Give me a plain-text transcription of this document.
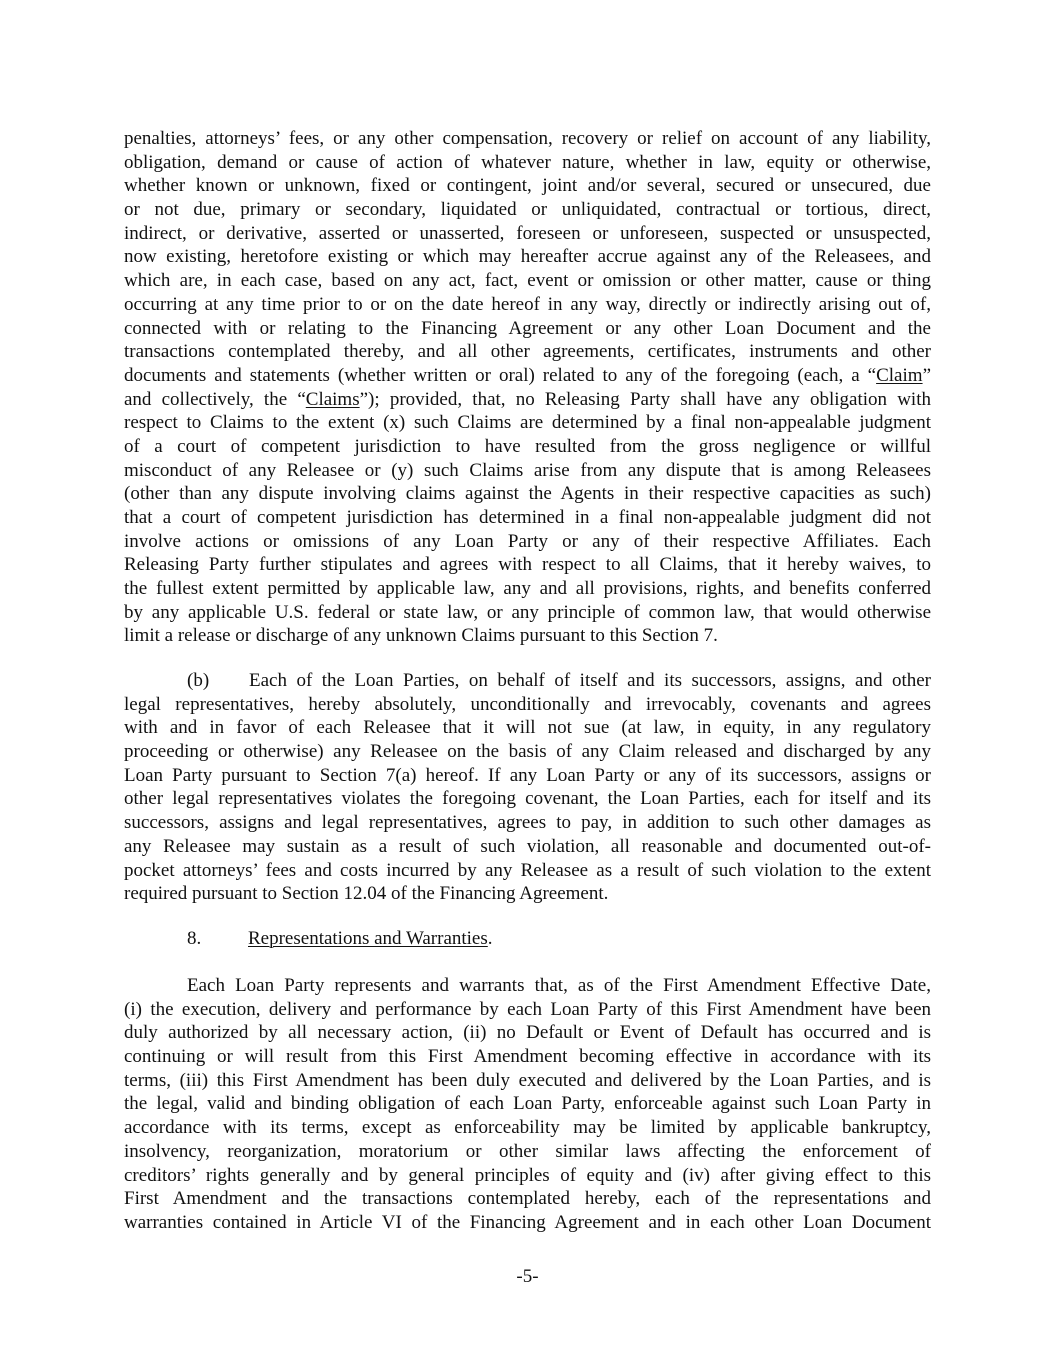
penalties, attorneys’ fees, or any other compensation, recovery or relief on account of any liability,
obligation, demand or cause of action of whatever nature, whether in law, equity or otherwise,
whether known or unknown, fixed or contingent, joint and/or several, secured or unsecured, due
or not due, primary or secondary, liquidated or unliquidated, contractual or tortious, direct,
indirect, or derivative, asserted or unasserted, foreseen or unforeseen, suspected or unsuspected,
now existing, heretofore existing or which may hereafter accrue against any of the Releasees, and
which are, in each case, based on any act, fact, event or omission or other matter, cause or thing
occurring at any time prior to or on the date hereof in any way, directly or indirectly arising out of,
connected with or relating to the Financing Agreement or any other Loan Document and the
transactions contemplated thereby, and all other agreements, certificates, instruments and other
documents and statements (whether written or oral) related to any of the foregoing (each, a “Claim”
and collectively, the “Claims”); provided, that, no Releasing Party shall have any obligation with
respect to Claims to the extent (x) such Claims are determined by a final non-appealable judgment
of a court of competent jurisdiction to have resulted from the gross negligence or willful
misconduct of any Releasee or (y) such Claims arise from any dispute that is among Releasees
(other than any dispute involving claims against the Agents in their respective capacities as such)
that a court of competent jurisdiction has determined in a final non-appealable judgment did not
involve actions or omissions of any Loan Party or any of their respective Affiliates. Each
Releasing Party further stipulates and agrees with respect to all Claims, that it hereby waives, to
the fullest extent permitted by applicable law, any and all provisions, rights, and benefits conferred
by any applicable U.S. federal or state law, or any principle of common law, that would otherwise
limit a release or discharge of any unknown Claims pursuant to this Section 7.
(b) Each of the Loan Parties, on behalf of itself and its successors, assigns, and other
legal representatives, hereby absolutely, unconditionally and irrevocably, covenants and agrees
with and in favor of each Releasee that it will not sue (at law, in equity, in any regulatory
proceeding or otherwise) any Releasee on the basis of any Claim released and discharged by any
Loan Party pursuant to Section 7(a) hereof. If any Loan Party or any of its successors, assigns or
other legal representatives violates the foregoing covenant, the Loan Parties, each for itself and its
successors, assigns and legal representatives, agrees to pay, in addition to such other damages as
any Releasee may sustain as a result of such violation, all reasonable and documented out-of-
pocket attorneys’ fees and costs incurred by any Releasee as a result of such violation to the extent
required pursuant to Section 12.04 of the Financing Agreement.
8. Representations and Warranties.
Each Loan Party represents and warrants that, as of the First Amendment Effective Date,
(i) the execution, delivery and performance by each Loan Party of this First Amendment have been
duly authorized by all necessary action, (ii) no Default or Event of Default has occurred and is
continuing or will result from this First Amendment becoming effective in accordance with its
terms, (iii) this First Amendment has been duly executed and delivered by the Loan Parties, and is
the legal, valid and binding obligation of each Loan Party, enforceable against such Loan Party in
accordance with its terms, except as enforceability may be limited by applicable bankruptcy,
insolvency, reorganization, moratorium or other similar laws affecting the enforcement of
creditors’ rights generally and by general principles of equity and (iv) after giving effect to this
First Amendment and the transactions contemplated hereby, each of the representations and
warranties contained in Article VI of the Financing Agreement and in each other Loan Document
-5-
